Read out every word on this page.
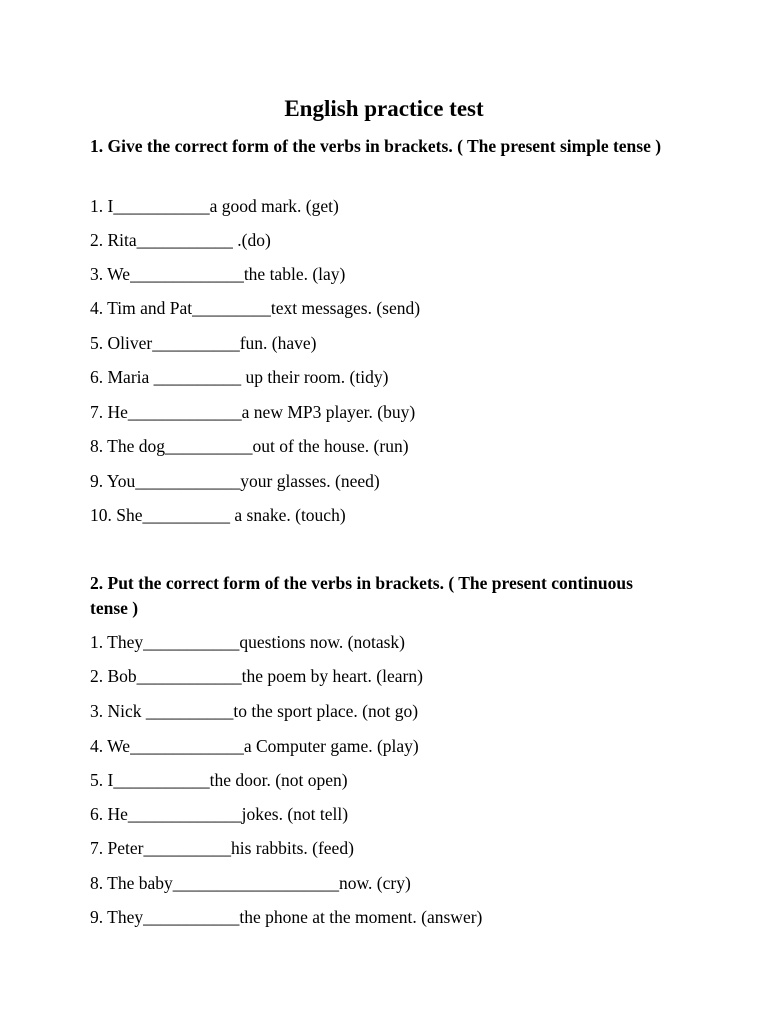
English practice test
1. Give the correct form of the verbs in brackets. ( The present simple tense )
1. I___________a good mark. (get)
2. Rita___________ .(do)
3. We_____________the table. (lay)
4. Tim and Pat_________text messages. (send)
5. Oliver__________fun. (have)
6. Maria __________ up their room. (tidy)
7. He_____________a new MP3 player. (buy)
8. The dog__________out of the house. (run)
9. You____________your glasses. (need)
10. She__________ a snake. (touch)
2. Put the correct form of the verbs in brackets. ( The present continuous tense )
1. They___________questions now. (notask)
2. Bob____________the poem by heart. (learn)
3. Nick __________to the sport place. (not go)
4. We_____________a Computer game. (play)
5. I___________the door. (not open)
6. He_____________jokes. (not tell)
7. Peter__________his rabbits. (feed)
8. The baby___________________now. (cry)
9. They___________the phone at the moment. (answer)
